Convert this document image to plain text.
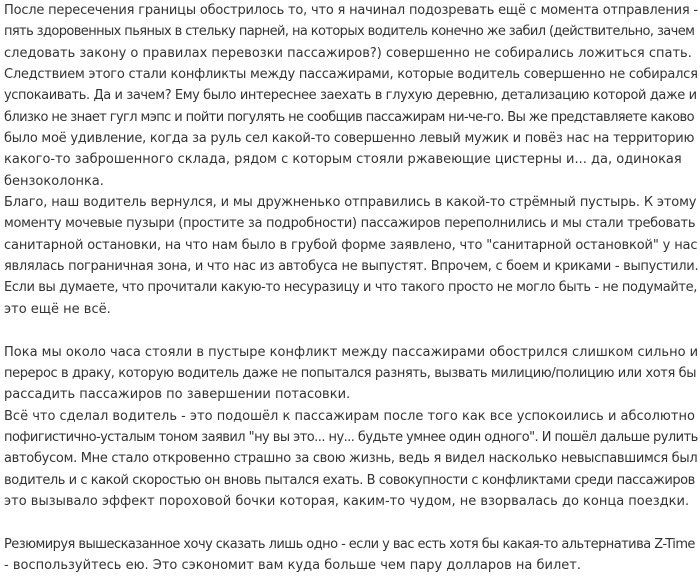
После пересечения границы обострилось то, что я начинал подозревать ещё с момента отправления -
пять здоровенных пьяных в стельку парней, на которых водитель конечно же забил (действительно, зачем
следовать закону о правилах перевозки пассажиров?) совершенно не собирались ложиться спать.
Следствием этого стали конфликты между пассажирами, которые водитель совершенно не собирался
успокаивать. Да и зачем? Ему было интереснее заехать в глухую деревню, детализацию которой даже и
близко не знает гугл мэпс и пойти погулять не сообщив пассажирам ни-че-го. Вы же представляете каково
было моё удивление, когда за руль сел какой-то совершенно левый мужик и повёз нас на территорию
какого-то заброшенного склада, рядом с которым стояли ржавеющие цистерны и... да, одинокая
бензоколонка.
Благо, наш водитель вернулся, и мы дружненько отправились в какой-то стрёмный пустырь. К этому
моменту мочевые пузыри (простите за подробности) пассажиров переполнились и мы стали требовать
санитарной остановки, на что нам было в грубой форме заявлено, что "санитарной остановкой" у нас
являлась пограничная зона, и что нас из автобуса не выпустят. Впрочем, с боем и криками - выпустили.
Если вы думаете, что прочитали какую-то несуразицу и что такого просто не могло быть - не подумайте,
это ещё не всё.
Пока мы около часа стояли в пустыре конфликт между пассажирами обострился слишком сильно и
перерос в драку, которую водитель даже не попытался разнять, вызвать милицию/полицию или хотя бы
рассадить пассажиров по завершении потасовки.
Всё что сделал водитель - это подошёл к пассажирам после того как все успокоились и абсолютно
пофигистично-усталым тоном заявил "ну вы это... ну... будьте умнее один одного". И пошёл дальше рулить
автобусом. Мне стало откровенно страшно за свою жизнь, ведь я видел насколько невыспавшимся был
водитель и с какой скоростью он вновь пытался ехать. В совокупности с конфликтами среди пассажиров
это вызывало эффект пороховой бочки которая, каким-то чудом, не взорвалась до конца поездки.
Резюмируя вышесказанное хочу сказать лишь одно - если у вас есть хотя бы какая-то альтернатива Z-Time
- воспользуйтесь ею. Это сэкономит вам куда больше чем пару долларов на билет.
